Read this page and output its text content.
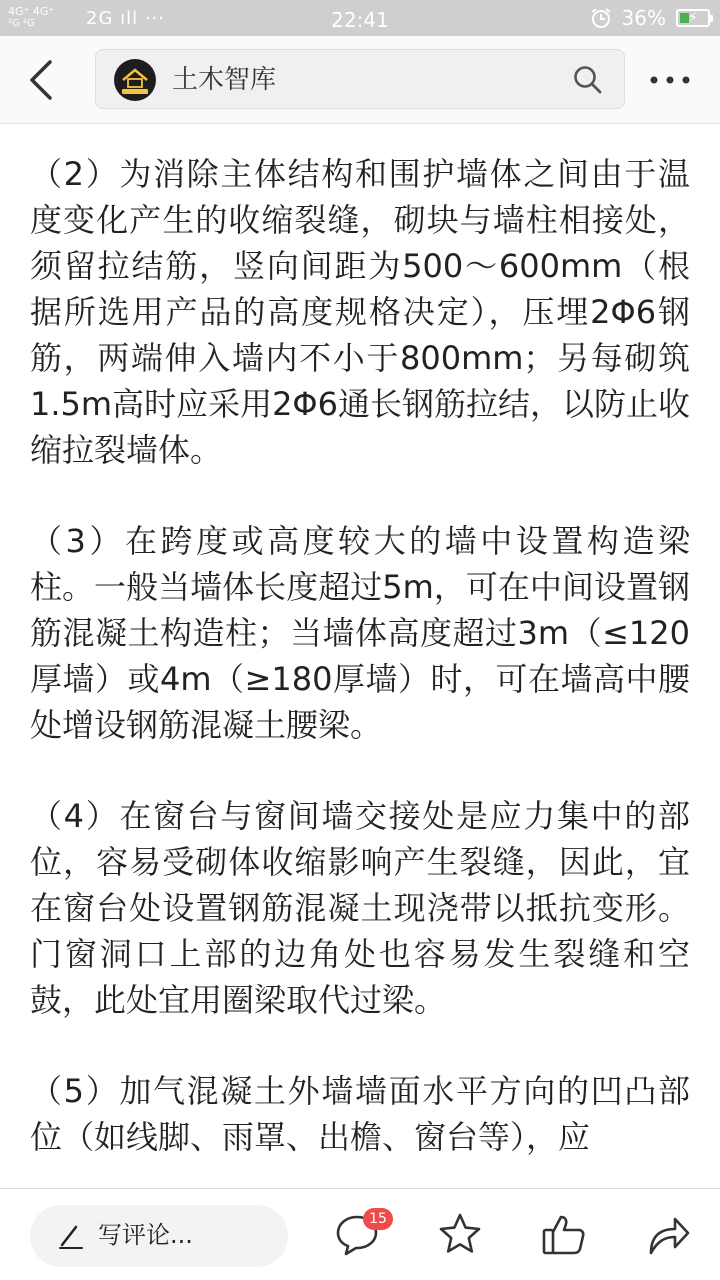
4G⁺ 4G⁺
²G ²G	2G ıll ···	22:41	36% ⚡
土木智库

（2）为消除主体结构和围护墙体之间由于温度变化产生的收缩裂缝，砌块与墙柱相接处，须留拉结筋，竖向间距为500～600mm（根据所选用产品的高度规格决定），压埋2Φ6钢筋，两端伸入墙内不小于800mm；另每砌筑1.5m高时应采用2Φ6通长钢筋拉结，以防止收缩拉裂墙体。

（3）在跨度或高度较大的墙中设置构造梁柱。一般当墙体长度超过5m，可在中间设置钢筋混凝土构造柱；当墙体高度超过3m（≤120厚墙）或4m（≥180厚墙）时，可在墙高中腰处增设钢筋混凝土腰梁。

（4）在窗台与窗间墙交接处是应力集中的部位，容易受砌体收缩影响产生裂缝，因此，宜在窗台处设置钢筋混凝土现浇带以抵抗变形。门窗洞口上部的边角处也容易发生裂缝和空鼓，此处宜用圈梁取代过梁。

（5）加气混凝土外墙墙面水平方向的凹凸部位（如线脚、雨罩、出檐、窗台等），应

写评论...
15
